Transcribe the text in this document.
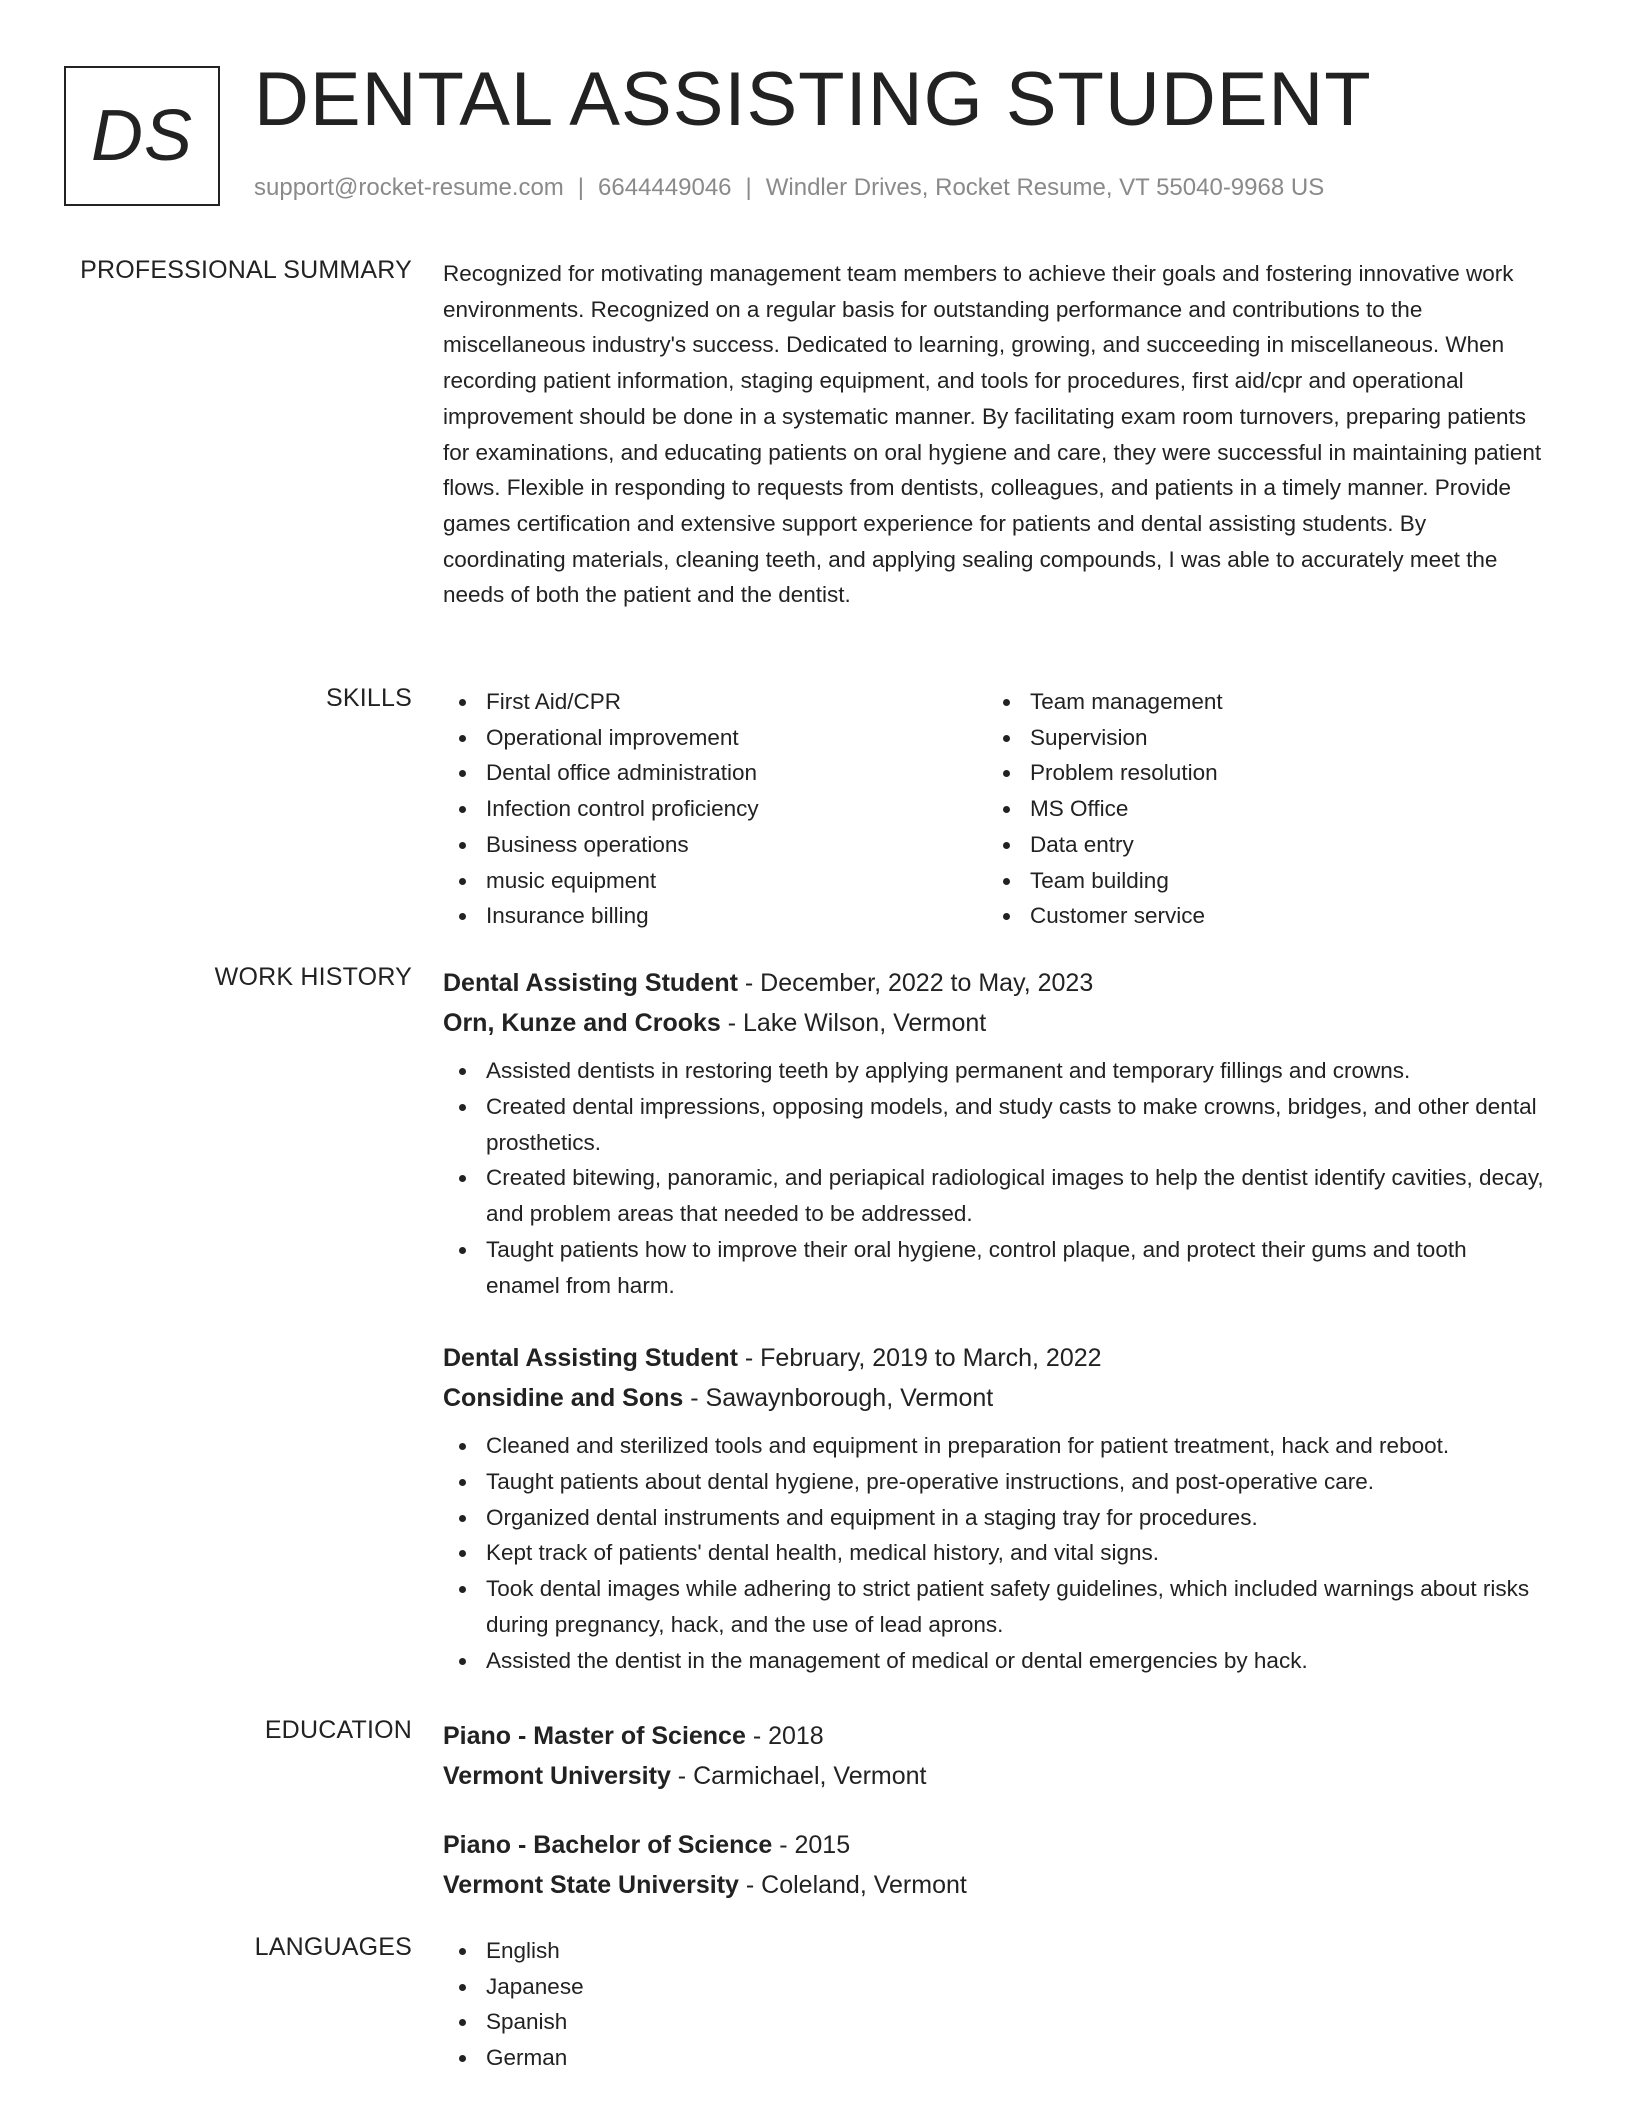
DS DENTAL ASSISTING STUDENT
support@rocket-resume.com | 6644449046 | Windler Drives, Rocket Resume, VT 55040-9968 US
PROFESSIONAL SUMMARY Recognized for motivating management team members to achieve their goals and fostering innovative work environments. Recognized on a regular basis for outstanding performance and contributions to the miscellaneous industry's success. Dedicated to learning, growing, and succeeding in miscellaneous. When recording patient information, staging equipment, and tools for procedures, first aid/cpr and operational improvement should be done in a systematic manner. By facilitating exam room turnovers, preparing patients for examinations, and educating patients on oral hygiene and care, they were successful in maintaining patient flows. Flexible in responding to requests from dentists, colleagues, and patients in a timely manner. Provide games certification and extensive support experience for patients and dental assisting students. By coordinating materials, cleaning teeth, and applying sealing compounds, I was able to accurately meet the needs of both the patient and the dentist.

SKILLS	First Aid/CPR
Operational improvement
Dental office administration
Infection control proficiency
Business operations
music equipment
Insurance billing
Team management
Supervision
Problem resolution
MS Office
Data entry
Team building
Customer service
WORK HISTORY Dental Assisting Student - December, 2022 to May, 2023
Orn, Kunze and Crooks - Lake Wilson, Vermont
Assisted dentists in restoring teeth by applying permanent and temporary fillings and crowns.
Created dental impressions, opposing models, and study casts to make crowns, bridges, and other dental prosthetics.
Created bitewing, panoramic, and periapical radiological images to help the dentist identify cavities, decay, and problem areas that needed to be addressed.
Taught patients how to improve their oral hygiene, control plaque, and protect their gums and tooth enamel from harm.
Dental Assisting Student - February, 2019 to March, 2022
Considine and Sons - Sawaynborough, Vermont
Cleaned and sterilized tools and equipment in preparation for patient treatment, hack and reboot.
Taught patients about dental hygiene, pre-operative instructions, and post-operative care.
Organized dental instruments and equipment in a staging tray for procedures.
Kept track of patients' dental health, medical history, and vital signs.
Took dental images while adhering to strict patient safety guidelines, which included warnings about risks during pregnancy, hack, and the use of lead aprons.
Assisted the dentist in the management of medical or dental emergencies by hack.
EDUCATION Piano - Master of Science - 2018
Vermont University - Carmichael, Vermont
Piano - Bachelor of Science - 2015
Vermont State University - Coleland, Vermont
LANGUAGES	English
Japanese
Spanish
German
